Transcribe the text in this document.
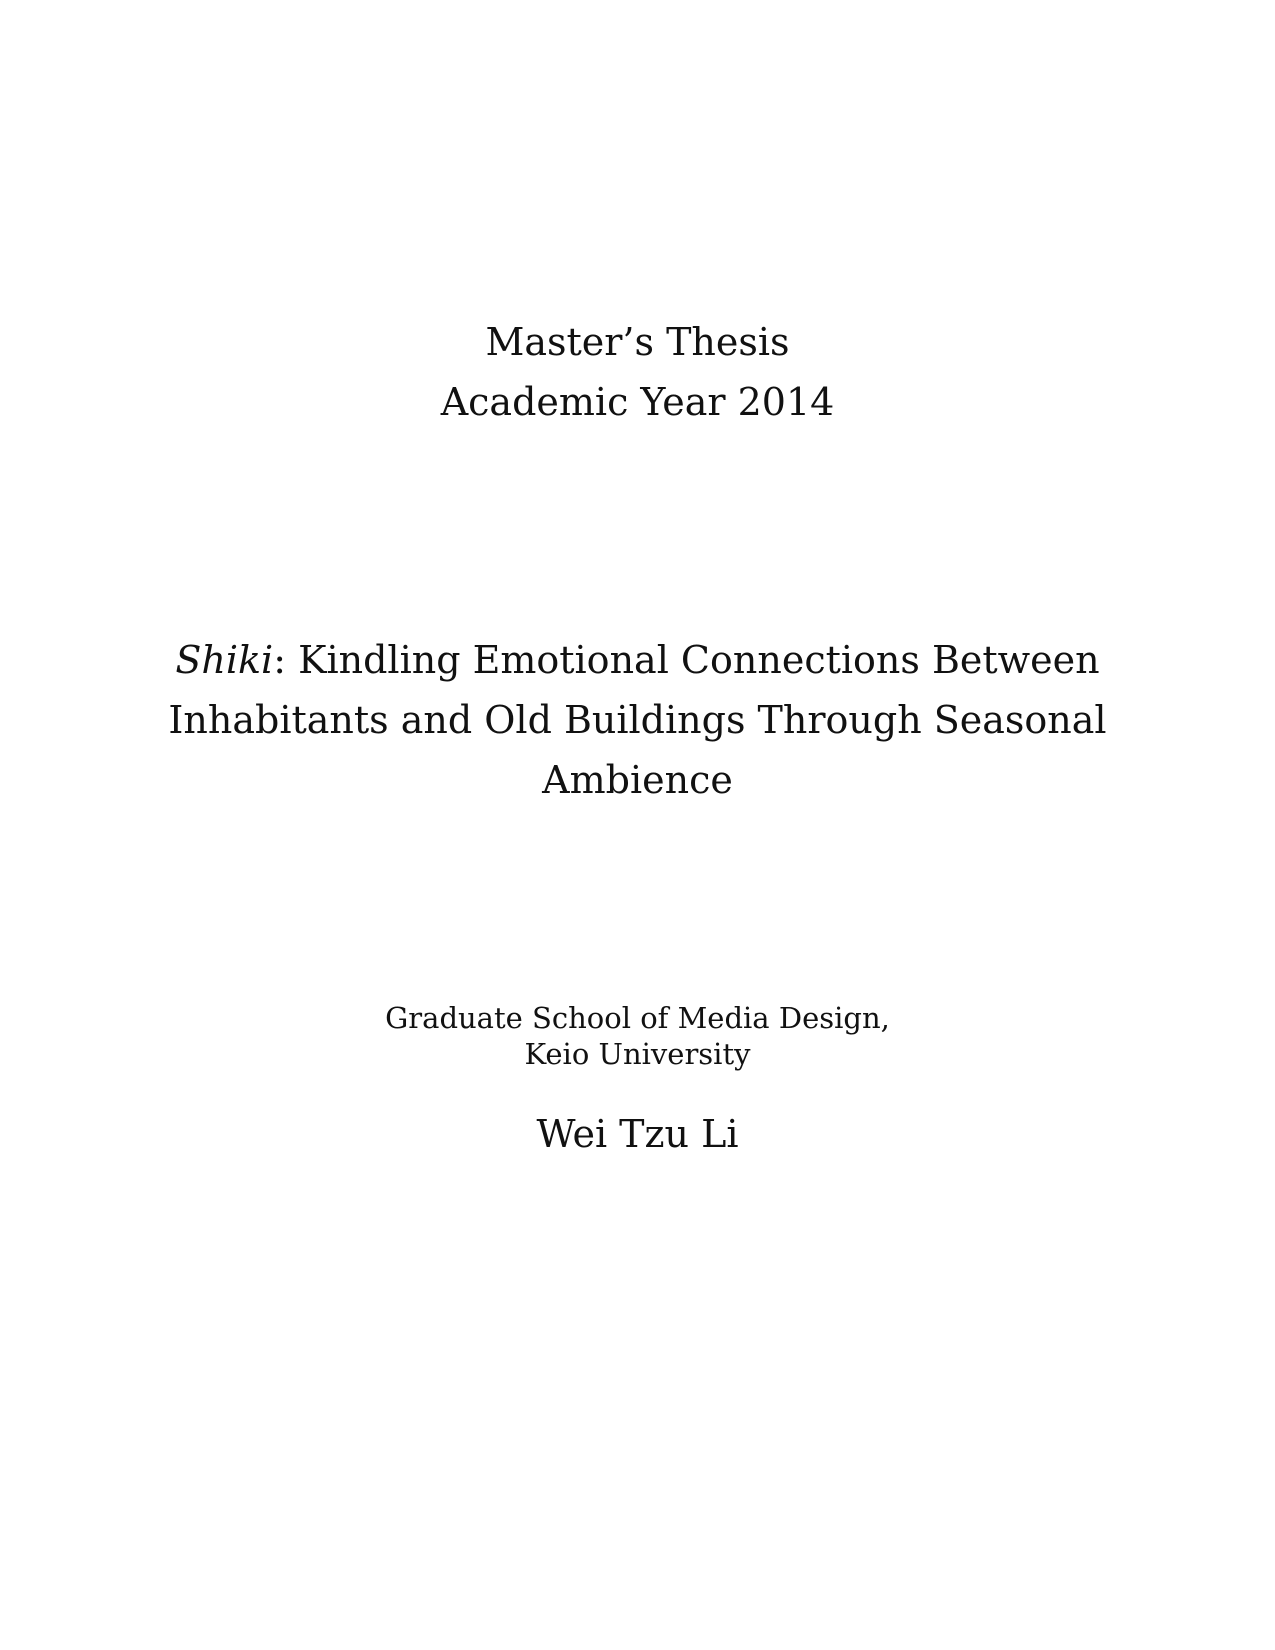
Master’s Thesis
Academic Year 2014
Shiki: Kindling Emotional Connections Between
Inhabitants and Old Buildings Through Seasonal
Ambience
Graduate School of Media Design,
Keio University
Wei Tzu Li
